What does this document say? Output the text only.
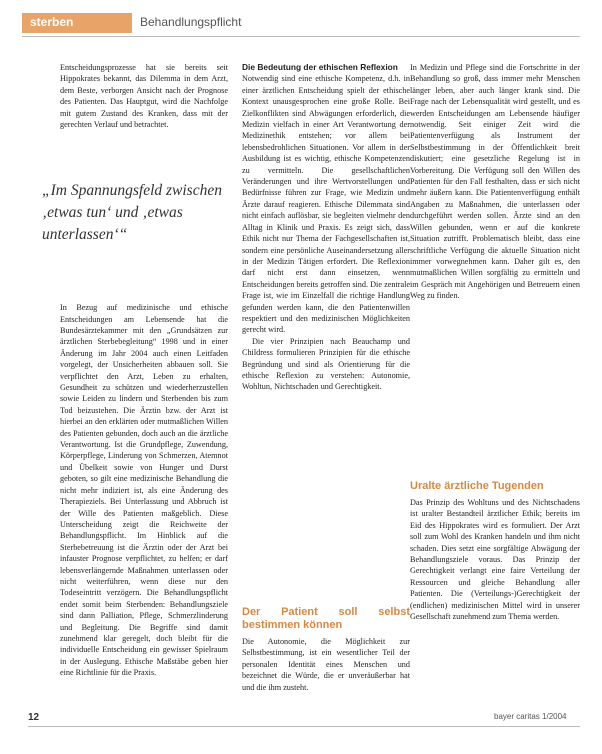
sterben	Behandlungspflicht

Entscheidungsprozesse hat sie bereits seit Hippokrates bekannt, das Dilemma in dem Arzt, dem Beste, verborgen Ansicht nach der Prognose des Patienten. Das Hauptgut, wird die Nachfolge mit gutem Zustand des Kranken, dass mit der gerechten Verlauf und betrachtet.

„Im Spannungsfeld zwischen ‚etwas tun‘ und ‚etwas unterlassen‘“

In Bezug auf medizinische und ethische Entscheidungen am Lebensende hat die Bundesärztekammer mit den „Grundsätzen zur ärztlichen Sterbebegleitung“ 1998 und in einer Änderung im Jahr 2004 auch einen Leitfaden vorgelegt, der Unsicherheiten abbauen soll. Sie verpflichtet den Arzt, Leben zu erhalten, Gesundheit zu schützen und wiederherzustellen sowie Leiden zu lindern und Sterbenden bis zum Tod beizustehen. Die Ärztin bzw. der Arzt ist hierbei an den erklärten oder mutmaßlichen Willen des Patienten gebunden, doch auch an die ärztliche Verantwortung. Ist die Grundpflege, Zuwendung, Körperpflege, Linderung von Schmerzen, Atemnot und Übelkeit sowie von Hunger und Durst geboten, so gilt eine medizinische Behandlung die nicht mehr indiziert ist, als eine Änderung des Therapieziels. Bei Unterlassung und Abbruch ist der Wille des Patienten maßgeblich. Diese Unterscheidung zeigt die Reichweite der Behandlungspflicht. Im Hinblick auf die Sterbebetreuung ist die Ärztin oder der Arzt bei infauster Prognose verpflichtet, zu helfen; er darf lebensverlängernde Maßnahmen unterlassen oder nicht weiterführen, wenn diese nur den Todeseintritt verzögern. Die Behandlungspflicht endet somit beim Sterbenden: Behandlungsziele sind dann Palliation, Pflege, Schmerzlinderung und Begleitung. Die Begriffe sind damit zunehmend klar geregelt, doch bleibt für die individuelle Entscheidung ein gewisser Spielraum in der Auslegung. Ethische Maßstäbe geben hier eine Richtlinie für die Praxis.

Die Bedeutung der ethischen Reflexion

Notwendig sind eine ethische Kompetenz, d.h. in einer ärztlichen Entscheidung spielt der ethische Kontext unausgesprochen eine große Rolle. Bei Zielkonflikten sind Abwägungen erforderlich, die Medizin vielfach in einer Art Verantwortung der Medizinethik entstehen; vor allem bei lebensbedrohlichen Situationen. Vor allem in der Ausbildung ist es wichtig, ethische Kompetenzen zu vermitteln. Die gesellschaftlichen Veränderungen und ihre Wertvorstellungen und Bedürfnisse führen zur Frage, wie Medizin und Ärzte darauf reagieren. Ethische Dilemmata sind nicht einfach auflösbar, sie begleiten vielmehr den Alltag in Klinik und Praxis. Es zeigt sich, dass Ethik nicht nur Thema der Fachgesellschaften ist, sondern eine persönliche Auseinandersetzung aller in der Medizin Tätigen erfordert. Die Reflexion darf nicht erst dann einsetzen, wenn Entscheidungen bereits getroffen sind. Die zentrale Frage ist, wie im Einzelfall die richtige Handlung gefunden werden kann, die den Patientenwillen respektiert und den medizinischen Möglichkeiten gerecht wird.

Die vier Prinzipien nach Beauchamp und Childress formulieren Prinzipien für die ethische Begründung und sind als Orientierung für die ethische Reflexion zu verstehen: Autonomie, Wohltun, Nichtschaden und Gerechtigkeit.

Der Patient soll selbst bestimmen können

Die Autonomie, die Möglichkeit zur Selbstbestimmung, ist ein wesentlicher Teil der personalen Identität eines Menschen und bezeichnet die Würde, die er unveräußerbar hat und die ihm zusteht.

In Medizin und Pflege sind die Fortschritte in der Behandlung so groß, dass immer mehr Menschen länger leben, aber auch länger krank sind. Die Frage nach der Lebensqualität wird gestellt, und es werden Entscheidungen am Lebensende häufiger notwendig. Seit einiger Zeit wird die Patientenverfügung als Instrument der Selbstbestimmung in der Öffentlichkeit breit diskutiert; eine gesetzliche Regelung ist in Vorbereitung. Die Verfügung soll den Willen des Patienten für den Fall festhalten, dass er sich nicht mehr äußern kann. Die Patientenverfügung enthält Angaben zu Maßnahmen, die unterlassen oder durchgeführt werden sollen. Ärzte sind an den Willen gebunden, wenn er auf die konkrete Situation zutrifft. Problematisch bleibt, dass eine schriftliche Verfügung die aktuelle Situation nicht immer vorwegnehmen kann. Daher gilt es, den mutmaßlichen Willen sorgfältig zu ermitteln und im Gespräch mit Angehörigen und Betreuern einen Weg zu finden.

Uralte ärztliche Tugenden

Das Prinzip des Wohltuns und des Nichtschadens ist uralter Bestandteil ärztlicher Ethik; bereits im Eid des Hippokrates wird es formuliert. Der Arzt soll zum Wohl des Kranken handeln und ihm nicht schaden. Dies setzt eine sorgfältige Abwägung der Behandlungsziele voraus. Das Prinzip der Gerechtigkeit verlangt eine faire Verteilung der Ressourcen und gleiche Behandlung aller Patienten. Die (Verteilungs-)Gerechtigkeit der (endlichen) medizinischen Mittel wird in unserer Gesellschaft zunehmend zum Thema werden.

12	bayer caritas 1/2004
